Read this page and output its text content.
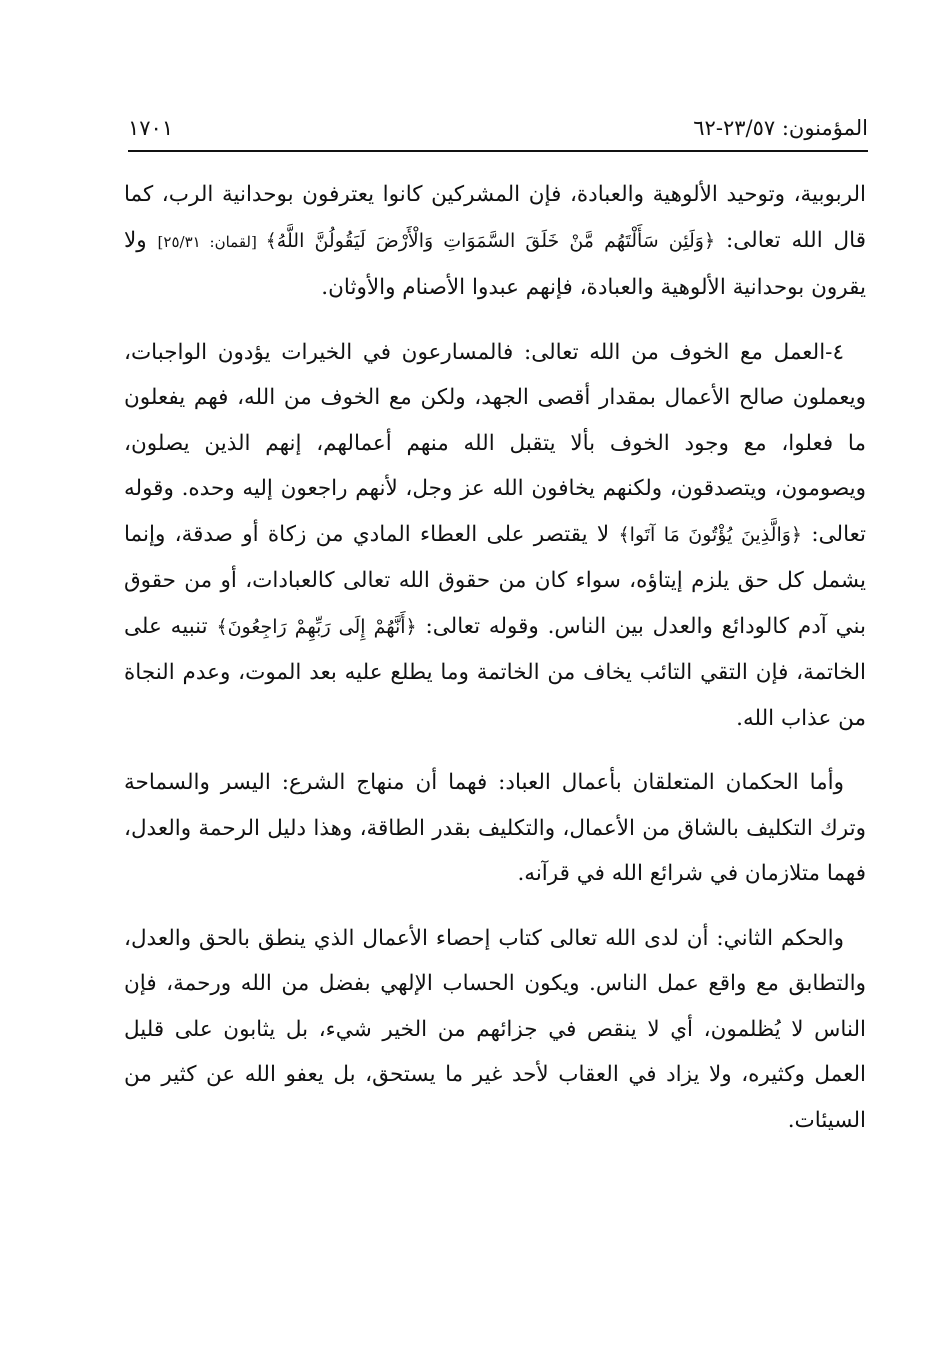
المؤمنون: ٢٣/٥٧-٦٢
١٧٠١

الربوبية، وتوحيد الألوهية والعبادة، فإن المشركين كانوا يعترفون بوحدانية الرب، كما قال الله تعالى: ﴿وَلَئِن سَأَلْتَهُم مَّنْ خَلَقَ السَّمَوَاتِ وَالْأَرْضَ لَيَقُولُنَّ اللَّهُ﴾ [لقمان: ٢٥/٣١] ولا يقرون بوحدانية الألوهية والعبادة، فإنهم عبدوا الأصنام والأوثان.

٤-العمل مع الخوف من الله تعالى: فالمسارعون في الخيرات يؤدون الواجبات، ويعملون صالح الأعمال بمقدار أقصى الجهد، ولكن مع الخوف من الله، فهم يفعلون ما فعلوا، مع وجود الخوف بألا يتقبل الله منهم أعمالهم، إنهم الذين يصلون، ويصومون، ويتصدقون، ولكنهم يخافون الله عز وجل، لأنهم راجعون إليه وحده. وقوله تعالى: ﴿وَالَّذِينَ يُؤْتُونَ مَا آتَوا﴾ لا يقتصر على العطاء المادي من زكاة أو صدقة، وإنما يشمل كل حق يلزم إيتاؤه، سواء كان من حقوق الله تعالى كالعبادات، أو من حقوق بني آدم كالودائع والعدل بين الناس. وقوله تعالى: ﴿أَنَّهُمْ إِلَى رَبِّهِمْ رَاجِعُونَ﴾ تنبيه على الخاتمة، فإن التقي التائب يخاف من الخاتمة وما يطلع عليه بعد الموت، وعدم النجاة من عذاب الله.

وأما الحكمان المتعلقان بأعمال العباد: فهما أن منهاج الشرع: اليسر والسماحة وترك التكليف بالشاق من الأعمال، والتكليف بقدر الطاقة، وهذا دليل الرحمة والعدل، فهما متلازمان في شرائع الله في قرآنه.

والحكم الثاني: أن لدى الله تعالى كتاب إحصاء الأعمال الذي ينطق بالحق والعدل، والتطابق مع واقع عمل الناس. ويكون الحساب الإلهي بفضل من الله ورحمة، فإن الناس لا يُظلمون، أي لا ينقص في جزائهم من الخير شيء، بل يثابون على قليل العمل وكثيره، ولا يزاد في العقاب لأحد غير ما يستحق، بل يعفو الله عن كثير من السيئات.
